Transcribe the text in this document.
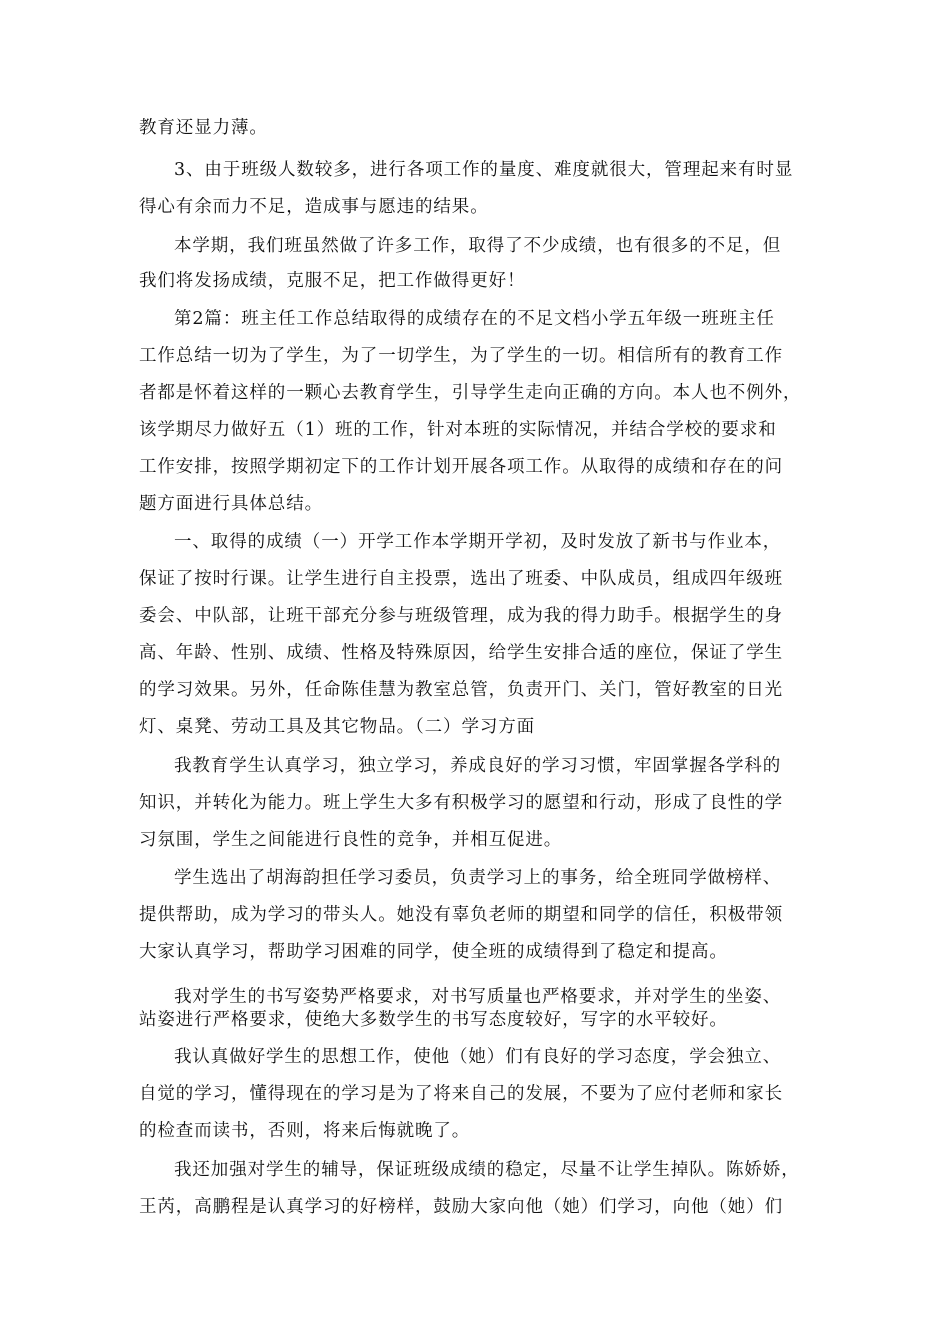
教育还显力薄。
3、由于班级人数较多，进行各项工作的量度、难度就很大，管理起来有时显
得心有余而力不足，造成事与愿违的结果。
本学期，我们班虽然做了许多工作，取得了不少成绩，也有很多的不足，但
我们将发扬成绩，克服不足，把工作做得更好！
第2篇：班主任工作总结取得的成绩存在的不足文档小学五年级一班班主任
工作总结一切为了学生，为了一切学生，为了学生的一切。相信所有的教育工作
者都是怀着这样的一颗心去教育学生，引导学生走向正确的方向。本人也不例外，
该学期尽力做好五（1）班的工作，针对本班的实际情况，并结合学校的要求和
工作安排，按照学期初定下的工作计划开展各项工作。从取得的成绩和存在的问
题方面进行具体总结。
一、取得的成绩（一）开学工作本学期开学初，及时发放了新书与作业本，
保证了按时行课。让学生进行自主投票，选出了班委、中队成员，组成四年级班
委会、中队部，让班干部充分参与班级管理，成为我的得力助手。根据学生的身
高、年龄、性别、成绩、性格及特殊原因，给学生安排合适的座位，保证了学生
的学习效果。另外，任命陈佳慧为教室总管，负责开门、关门，管好教室的日光
灯、桌凳、劳动工具及其它物品。（二）学习方面
我教育学生认真学习，独立学习，养成良好的学习习惯，牢固掌握各学科的
知识，并转化为能力。班上学生大多有积极学习的愿望和行动，形成了良性的学
习氛围，学生之间能进行良性的竞争，并相互促进。
学生选出了胡海韵担任学习委员，负责学习上的事务，给全班同学做榜样、
提供帮助，成为学习的带头人。她没有辜负老师的期望和同学的信任，积极带领
大家认真学习，帮助学习困难的同学，使全班的成绩得到了稳定和提高。
我对学生的书写姿势严格要求，对书写质量也严格要求，并对学生的坐姿、
站姿进行严格要求，使绝大多数学生的书写态度较好，写字的水平较好。
我认真做好学生的思想工作，使他（她）们有良好的学习态度，学会独立、
自觉的学习，懂得现在的学习是为了将来自己的发展，不要为了应付老师和家长
的检查而读书，否则，将来后悔就晚了。
我还加强对学生的辅导，保证班级成绩的稳定，尽量不让学生掉队。陈娇娇，
王芮，高鹏程是认真学习的好榜样，鼓励大家向他（她）们学习，向他（她）们
